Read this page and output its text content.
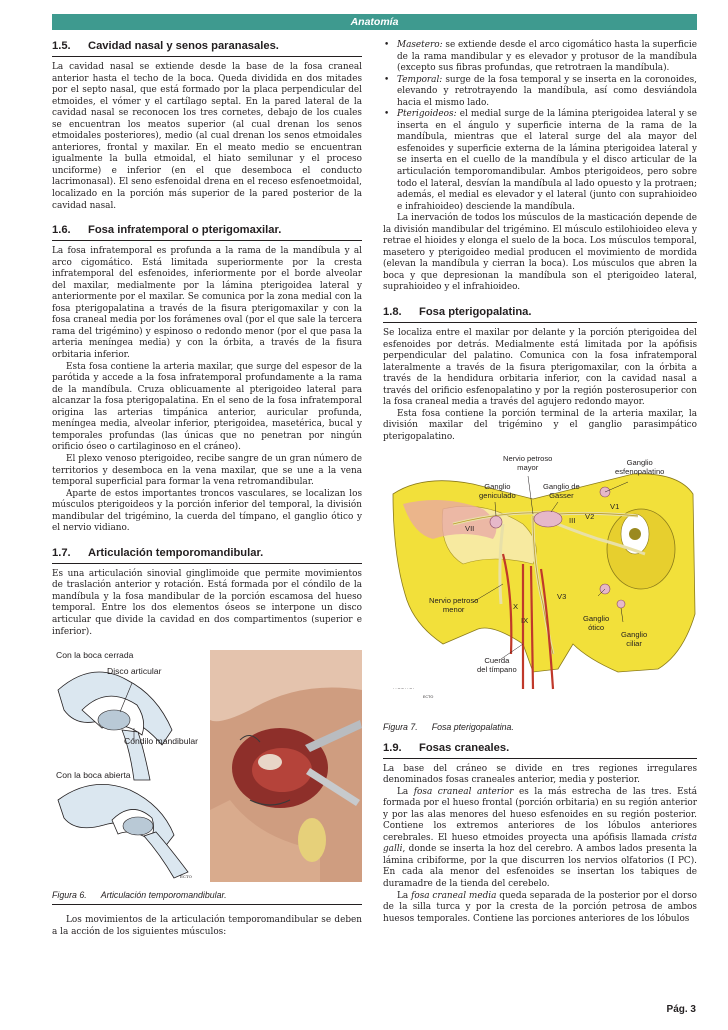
Anatomía
1.5.	Cavidad nasal y senos paranasales.

La cavidad nasal se extiende desde la base de la fosa craneal anterior hasta el techo de la boca. Queda dividida en dos mitades por el septo nasal, que está formado por la placa perpendicular del etmoides, el vómer y el cartílago septal. En la pared lateral de la cavidad nasal se reconocen los tres cornetes, debajo de los cuales se encuentran los meatos superior (al cual drenan los senos etmoidales posteriores), medio (al cual drenan los senos etmoidales anteriores, frontal y maxilar. En el meato medio se encuentran igualmente la bulla etmoidal, el hiato semilunar y el proceso unciforme) e inferior (en el que desemboca el conducto lacrimonasal). El seno esfenoidal drena en el receso esfenoetmoidal, localizado en la porción más superior de la pared posterior de la cavidad nasal.

1.6.	Fosa infratemporal o pterigomaxilar.

La fosa infratemporal es profunda a la rama de la mandíbula y al arco cigomático. Está limitada superiormente por la cresta infratemporal del esfenoides, inferiormente por el borde alveolar del maxilar, medialmente por la lámina pterigoidea lateral y anteriormente por el maxilar. Se comunica por la zona medial con la fosa pterigopalatina a través de la fisura pterigomaxilar y con la fosa craneal media por los forámenes oval (por el que sale la tercera rama del trigémino) y espinoso o redondo menor (por el que pasa la arteria meníngea media) y con la órbita, a través de la fisura orbitaria inferior.

Esta fosa contiene la arteria maxilar, que surge del espesor de la parótida y accede a la fosa infratemporal profundamente a la rama de la mandíbula. Cruza oblicuamente al pterigoideo lateral para alcanzar la fosa pterigopalatina. En el seno de la fosa infratemporal origina las arterias timpánica anterior, auricular profunda, meníngea media, alveolar inferior, pterigoidea, masetérica, bucal y temporales profundas (las únicas que no penetran por ningún orificio óseo o cartilaginoso en el cráneo).

El plexo venoso pterigoideo, recibe sangre de un gran número de territorios y desemboca en la vena maxilar, que se une a la vena temporal superficial para formar la vena retromandibular.

Aparte de estos importantes troncos vasculares, se localizan los músculos pterigoideos y la porción inferior del temporal, la división mandibular del trigémino, la cuerda del tímpano, el ganglio ótico y el nervio vidiano.

1.7.	Articulación temporomandibular.

Es una articulación sinovial ginglimoide que permite movimientos de traslación anterior y rotación. Está formada por el cóndilo de la mandíbula y la fosa mandibular de la porción escamosa del hueso temporal. Entre los dos elementos óseos se interpone un disco articular que divide la cavidad en dos compartimentos (superior e inferior).

ECTO
Con la boca cerrada
Disco articular
Cóndilo mandibular
Con la boca abierta
Figura 6. Articulación temporomandibular.

Los movimientos de la articulación temporomandibular se deben a la acción de los siguientes músculos:

• Masetero: se extiende desde el arco cigomático hasta la superficie de la rama mandibular y es elevador y protusor de la mandíbula (excepto sus fibras profundas, que retrotraen la mandíbula).
• Temporal: surge de la fosa temporal y se inserta en la coronoides, elevando y retrotrayendo la mandíbula, así como desviándola hacia el mismo lado.
• Pterigoideos: el medial surge de la lámina pterigoidea lateral y se inserta en el ángulo y superficie interna de la rama de la mandíbula, mientras que el lateral surge del ala mayor del esfenoides y superficie externa de la lámina pterigoidea lateral y se inserta en el cuello de la mandíbula y el disco articular de la articulación temporomandibular. Ambos pterigoideos, pero sobre todo el lateral, desvían la mandíbula al lado opuesto y la protraen; además, el medial es elevador y el lateral (junto con suprahioideo e infrahioideo) desciende la mandíbula.

La inervación de todos los músculos de la masticación depende de la división mandibular del trigémino. El músculo estilohioideo eleva y retrae el hioides y elonga el suelo de la boca. Los músculos temporal, masetero y pterigoideo medial producen el movimiento de mordida (elevan la mandíbula y cierran la boca). Los músculos que abren la boca y que depresionan la mandíbula son el pterigoideo lateral, suprahioideo y el infrahioideo.

1.8.	Fosa pterigopalatina.

Se localiza entre el maxilar por delante y la porción pterigoidea del esfenoides por detrás. Medialmente está limitada por la apófisis perpendicular del palatino. Comunica con la fosa infratemporal lateralmente a través de la fisura pterigomaxilar, con la órbita a través de la hendidura orbitaria inferior, con la cavidad nasal a través del orificio esfenopalatino y por la región posterosuperior con la fosa craneal media a través del agujero redondo mayor.

Esta fosa contiene la porción terminal de la arteria maxilar, la división maxilar del trigémino y el ganglio parasimpático pterigopalatino.

· · ─ ─ · · ─ ·
ECTO
Nervio petroso
mayor
Ganglio
esfenopalatino
Ganglio
geniculado
Ganglio de
Gasser
V1
V2
III
VII
Nervio petroso
menor	X
V3
IX	Ganglio
ótico
Ganglio
ciliar
Cuerda
del tímpano
Figura 7. Fosa pterigopalatina.
1.9.	Fosas craneales.

La base del cráneo se divide en tres regiones irregulares denominados fosas craneales anterior, media y posterior.

La fosa craneal anterior es la más estrecha de las tres. Está formada por el hueso frontal (porción orbitaria) en su región anterior y por las alas menores del hueso esfenoides en su región posterior. Contiene los extremos anteriores de los lóbulos anteriores cerebrales. El hueso etmoides proyecta una apófisis llamada crista galli, donde se inserta la hoz del cerebro. A ambos lados presenta la lámina cribiforme, por la que discurren los nervios olfatorios (I PC). En cada ala menor del esfenoides se insertan los tabiques de duramadre de la tienda del cerebelo.

La fosa craneal media queda separada de la posterior por el dorso de la silla turca y por la cresta de la porción petrosa de ambos huesos temporales. Contiene las porciones anteriores de los lóbulos

Pág. 3
